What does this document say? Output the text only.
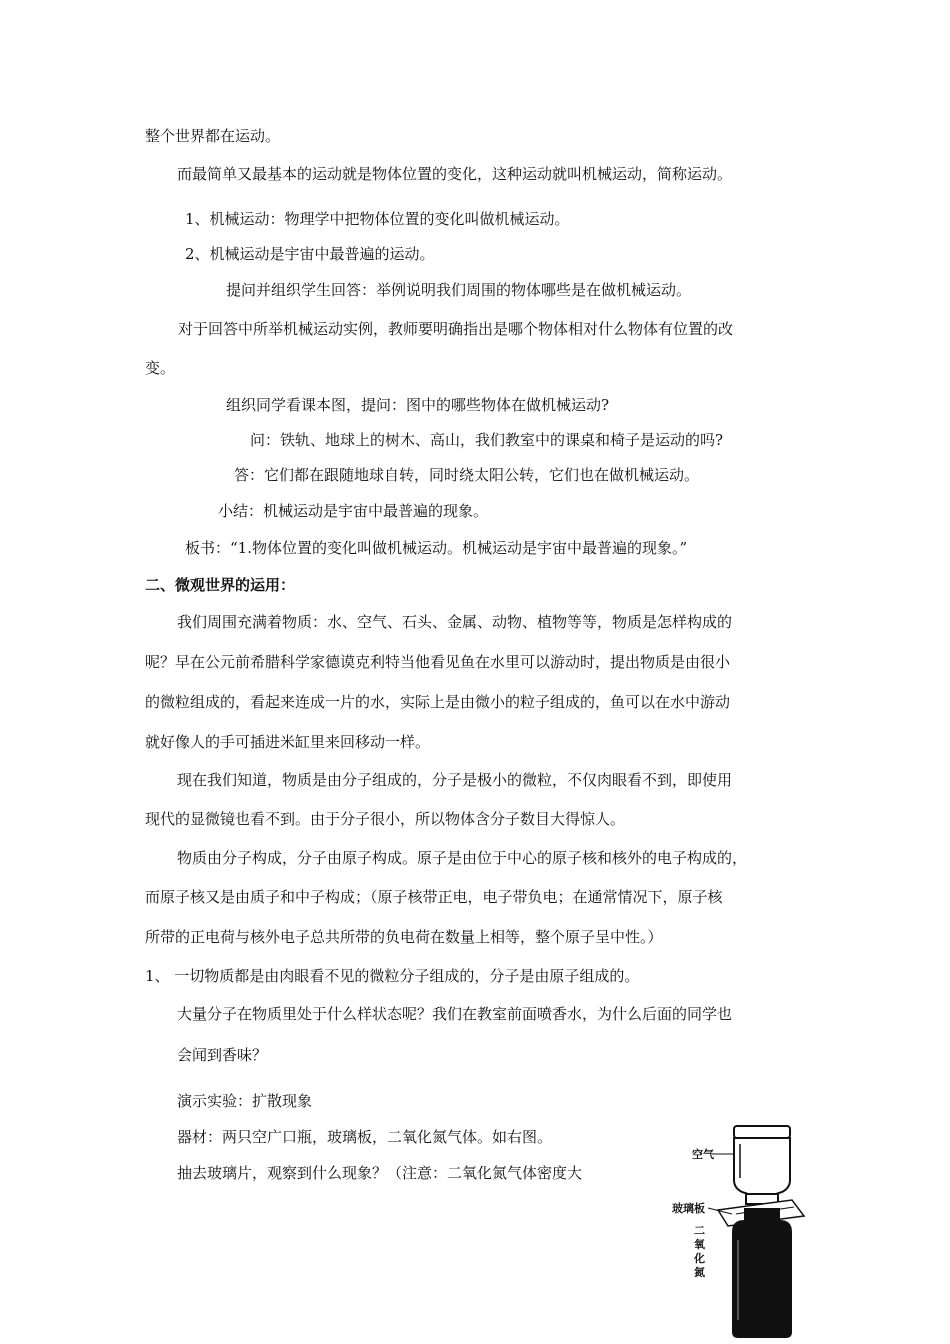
整个世界都在运动。
而最简单又最基本的运动就是物体位置的变化，这种运动就叫机械运动，简称运动。
1、机械运动：物理学中把物体位置的变化叫做机械运动。
2、机械运动是宇宙中最普遍的运动。
提问并组织学生回答：举例说明我们周围的物体哪些是在做机械运动。
对于回答中所举机械运动实例，教师要明确指出是哪个物体相对什么物体有位置的改
变。
组织同学看课本图，提问：图中的哪些物体在做机械运动?
问：铁轨、地球上的树木、高山，我们教室中的课桌和椅子是运动的吗?
答：它们都在跟随地球自转，同时绕太阳公转，它们也在做机械运动。
小结：机械运动是宇宙中最普遍的现象。
板书：“1.物体位置的变化叫做机械运动。机械运动是宇宙中最普遍的现象。”
二、微观世界的运用：
我们周围充满着物质：水、空气、石头、金属、动物、植物等等，物质是怎样构成的
呢？早在公元前希腊科学家德谟克利特当他看见鱼在水里可以游动时，提出物质是由很小
的微粒组成的，看起来连成一片的水，实际上是由微小的粒子组成的，鱼可以在水中游动
就好像人的手可插进米缸里来回移动一样。
现在我们知道，物质是由分子组成的，分子是极小的微粒，不仅肉眼看不到，即使用
现代的显微镜也看不到。由于分子很小，所以物体含分子数目大得惊人。
物质由分子构成，分子由原子构成。原子是由位于中心的原子核和核外的电子构成的，
而原子核又是由质子和中子构成；（原子核带正电，电子带负电；在通常情况下，原子核
所带的正电荷与核外电子总共所带的负电荷在数量上相等，整个原子呈中性。）
1、 一切物质都是由肉眼看不见的微粒分子组成的，分子是由原子组成的。
大量分子在物质里处于什么样状态呢？我们在教室前面喷香水，为什么后面的同学也
会闻到香味？
演示实验：扩散现象
器材：两只空广口瓶，玻璃板，二氧化氮气体。如右图。
抽去玻璃片，观察到什么现象？（注意：二氧化氮气体密度大
空气
玻璃板
二氧化氮
